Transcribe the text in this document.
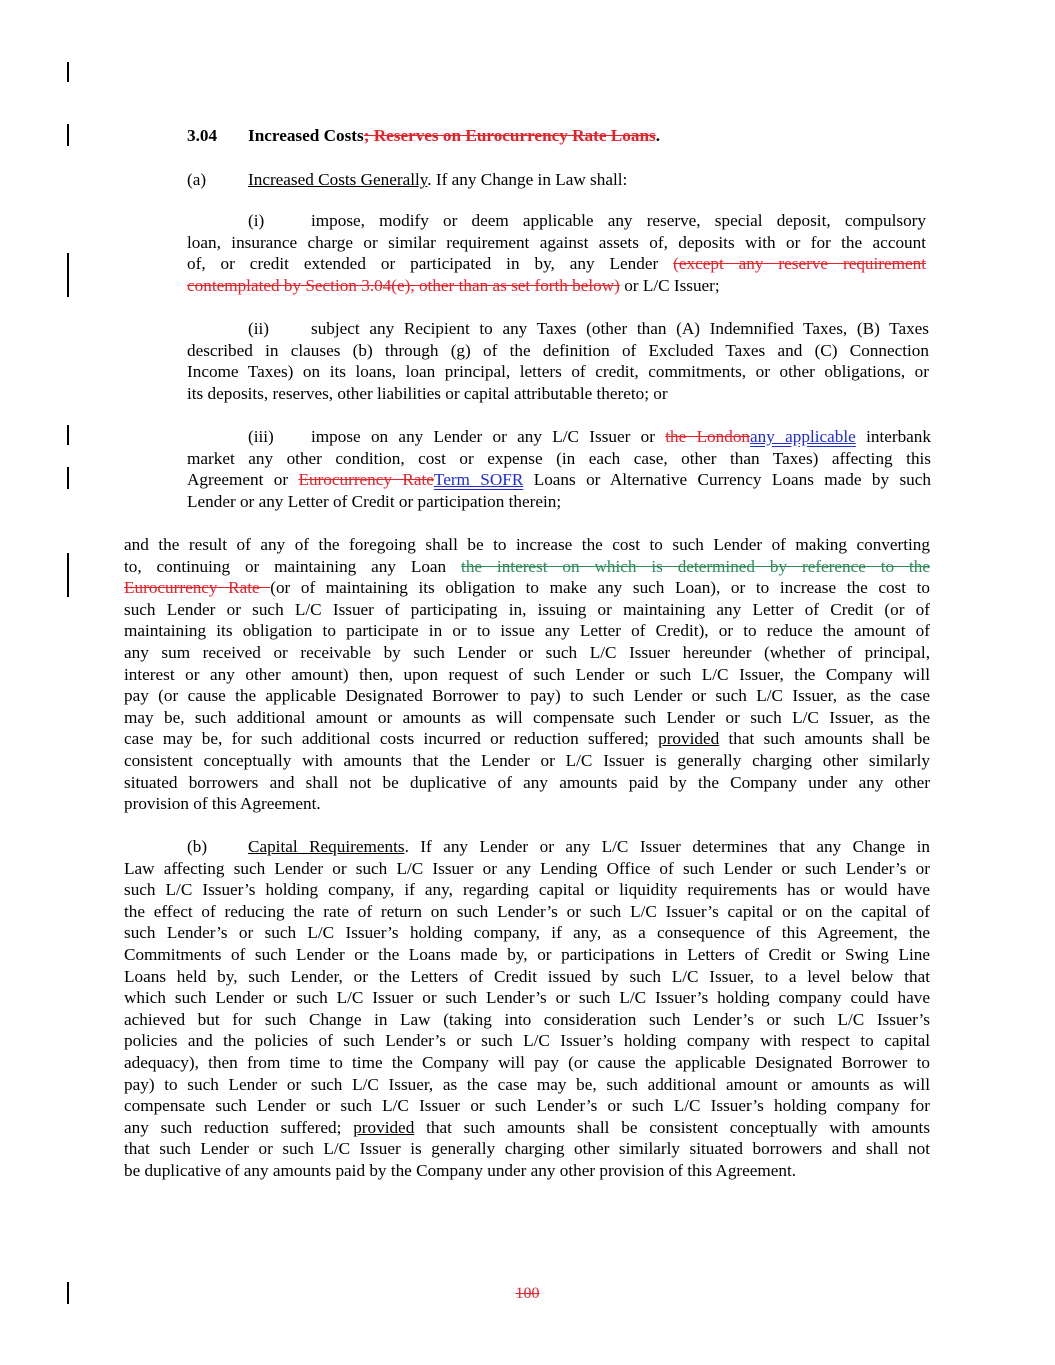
3.04 Increased Costs; Reserves on Eurocurrency Rate Loans.
(a) Increased Costs Generally. If any Change in Law shall:
(i)	impose, modify or deem applicable any reserve, special deposit, compulsory
loan, insurance charge or similar requirement against assets of, deposits with or for the account
of, or credit extended or participated in by, any Lender (except any reserve requirement
contemplated by Section 3.04(e), other than as set forth below) or L/C Issuer;
(ii) subject any Recipient to any Taxes (other than (A) Indemnified Taxes, (B) Taxes
described in clauses (b) through (g) of the definition of Excluded Taxes and (C) Connection
Income Taxes) on its loans, loan principal, letters of credit, commitments, or other obligations, or
its deposits, reserves, other liabilities or capital attributable thereto; or
(iii) impose on any Lender or any L/C Issuer or the Londonany applicable interbank
market any other condition, cost or expense (in each case, other than Taxes) affecting this
Agreement or Eurocurrency RateTerm SOFR Loans or Alternative Currency Loans made by such
Lender or any Letter of Credit or participation therein;
and the result of any of the foregoing shall be to increase the cost to such Lender of making converting
to, continuing or maintaining any Loan the interest on which is determined by reference to the
Eurocurrency Rate (or of maintaining its obligation to make any such Loan), or to increase the cost to
such Lender or such L/C Issuer of participating in, issuing or maintaining any Letter of Credit (or of
maintaining its obligation to participate in or to issue any Letter of Credit), or to reduce the amount of
any sum received or receivable by such Lender or such L/C Issuer hereunder (whether of principal,
interest or any other amount) then, upon request of such Lender or such L/C Issuer, the Company will
pay (or cause the applicable Designated Borrower to pay) to such Lender or such L/C Issuer, as the case
may be, such additional amount or amounts as will compensate such Lender or such L/C Issuer, as the
case may be, for such additional costs incurred or reduction suffered; provided that such amounts shall be
consistent conceptually with amounts that the Lender or L/C Issuer is generally charging other similarly
situated borrowers and shall not be duplicative of any amounts paid by the Company under any other
provision of this Agreement.
(b) Capital Requirements. If any Lender or any L/C Issuer determines that any Change in
Law affecting such Lender or such L/C Issuer or any Lending Office of such Lender or such Lender’s or
such L/C Issuer’s holding company, if any, regarding capital or liquidity requirements has or would have
the effect of reducing the rate of return on such Lender’s or such L/C Issuer’s capital or on the capital of
such Lender’s or such L/C Issuer’s holding company, if any, as a consequence of this Agreement, the
Commitments of such Lender or the Loans made by, or participations in Letters of Credit or Swing Line
Loans held by, such Lender, or the Letters of Credit issued by such L/C Issuer, to a level below that
which such Lender or such L/C Issuer or such Lender’s or such L/C Issuer’s holding company could have
achieved but for such Change in Law (taking into consideration such Lender’s or such L/C Issuer’s
policies and the policies of such Lender’s or such L/C Issuer’s holding company with respect to capital
adequacy), then from time to time the Company will pay (or cause the applicable Designated Borrower to
pay) to such Lender or such L/C Issuer, as the case may be, such additional amount or amounts as will
compensate such Lender or such L/C Issuer or such Lender’s or such L/C Issuer’s holding company for
any such reduction suffered; provided that such amounts shall be consistent conceptually with amounts
that such Lender or such L/C Issuer is generally charging other similarly situated borrowers and shall not
be duplicative of any amounts paid by the Company under any other provision of this Agreement.
100
